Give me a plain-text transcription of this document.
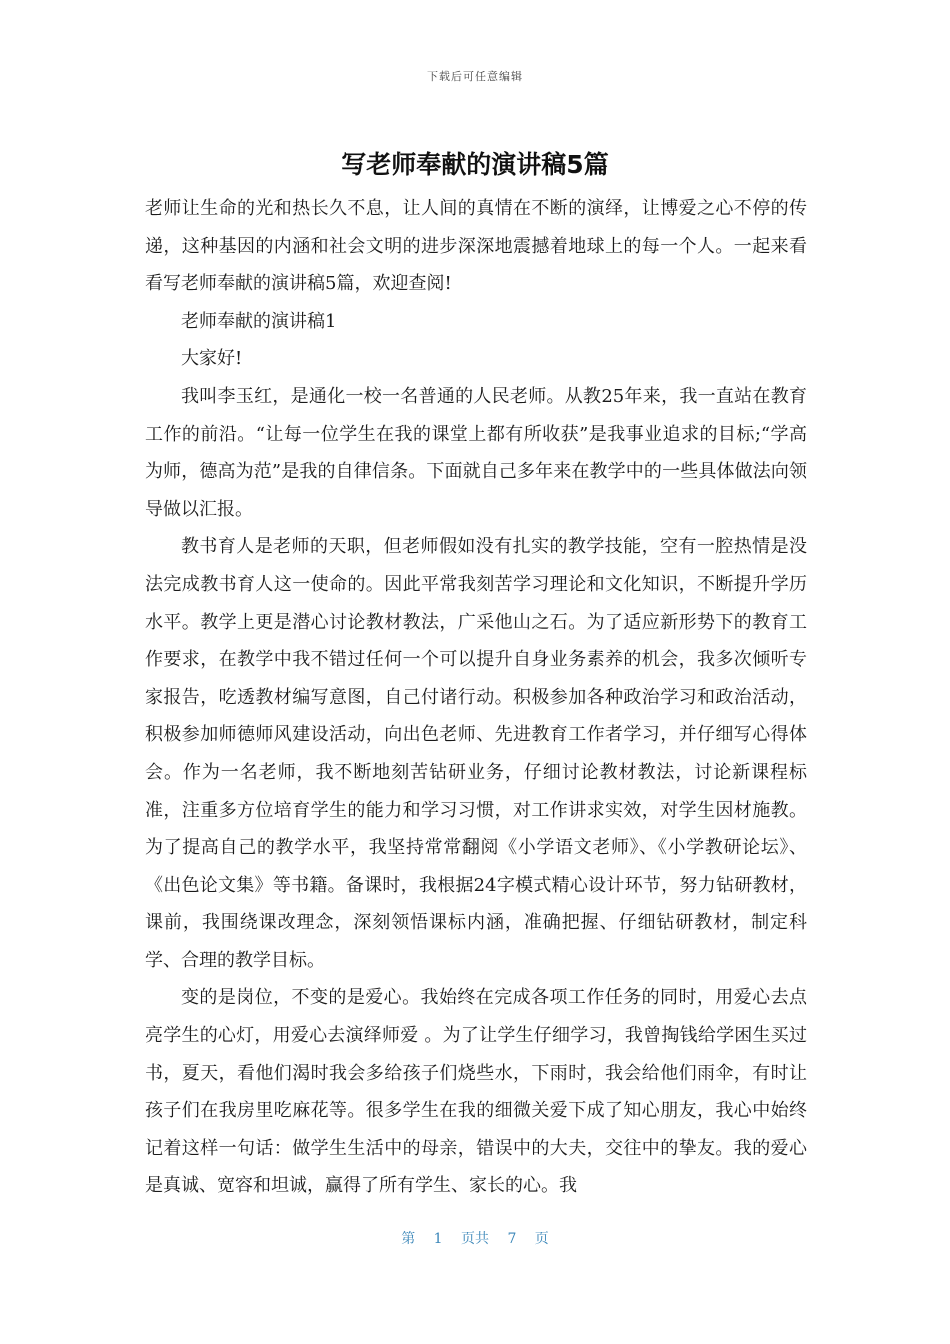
下载后可任意编辑
写老师奉献的演讲稿5篇

老师让生命的光和热长久不息，让人间的真情在不断的演绎，让博爱之心不停的传递，这种基因的内涵和社会文明的进步深深地震撼着地球上的每一个人。一起来看看写老师奉献的演讲稿5篇，欢迎查阅!

老师奉献的演讲稿1

大家好!

我叫李玉红，是通化一校一名普通的人民老师。从教25年来，我一直站在教育工作的前沿。“让每一位学生在我的课堂上都有所收获”是我事业追求的目标;“学高为师，德高为范”是我的自律信条。下面就自己多年来在教学中的一些具体做法向领导做以汇报。

教书育人是老师的天职，但老师假如没有扎实的教学技能，空有一腔热情是没法完成教书育人这一使命的。因此平常我刻苦学习理论和文化知识，不断提升学历水平。教学上更是潜心讨论教材教法，广采他山之石。为了适应新形势下的教育工作要求，在教学中我不错过任何一个可以提升自身业务素养的机会，我多次倾听专家报告，吃透教材编写意图，自己付诸行动。积极参加各种政治学习和政治活动，积极参加师德师风建设活动，向出色老师、先进教育工作者学习，并仔细写心得体会。作为一名老师，我不断地刻苦钻研业务，仔细讨论教材教法，讨论新课程标准，注重多方位培育学生的能力和学习习惯，对工作讲求实效，对学生因材施教。为了提高自己的教学水平，我坚持常常翻阅《小学语文老师》、《小学教研论坛》、《出色论文集》等书籍。备课时，我根据24字模式精心设计环节，努力钻研教材，课前，我围绕课改理念，深刻领悟课标内涵，准确把握、仔细钻研教材，制定科学、合理的教学目标。

变的是岗位，不变的是爱心。我始终在完成各项工作任务的同时，用爱心去点亮学生的心灯，用爱心去演绎师爱 。为了让学生仔细学习，我曾掏钱给学困生买过书，夏天，看他们渴时我会多给孩子们烧些水，下雨时，我会给他们雨伞，有时让孩子们在我房里吃麻花等。很多学生在我的细微关爱下成了知心朋友，我心中始终记着这样一句话：做学生生活中的母亲，错误中的大夫，交往中的挚友。我的爱心是真诚、宽容和坦诚，赢得了所有学生、家长的心。我

第 1 页共 7 页
